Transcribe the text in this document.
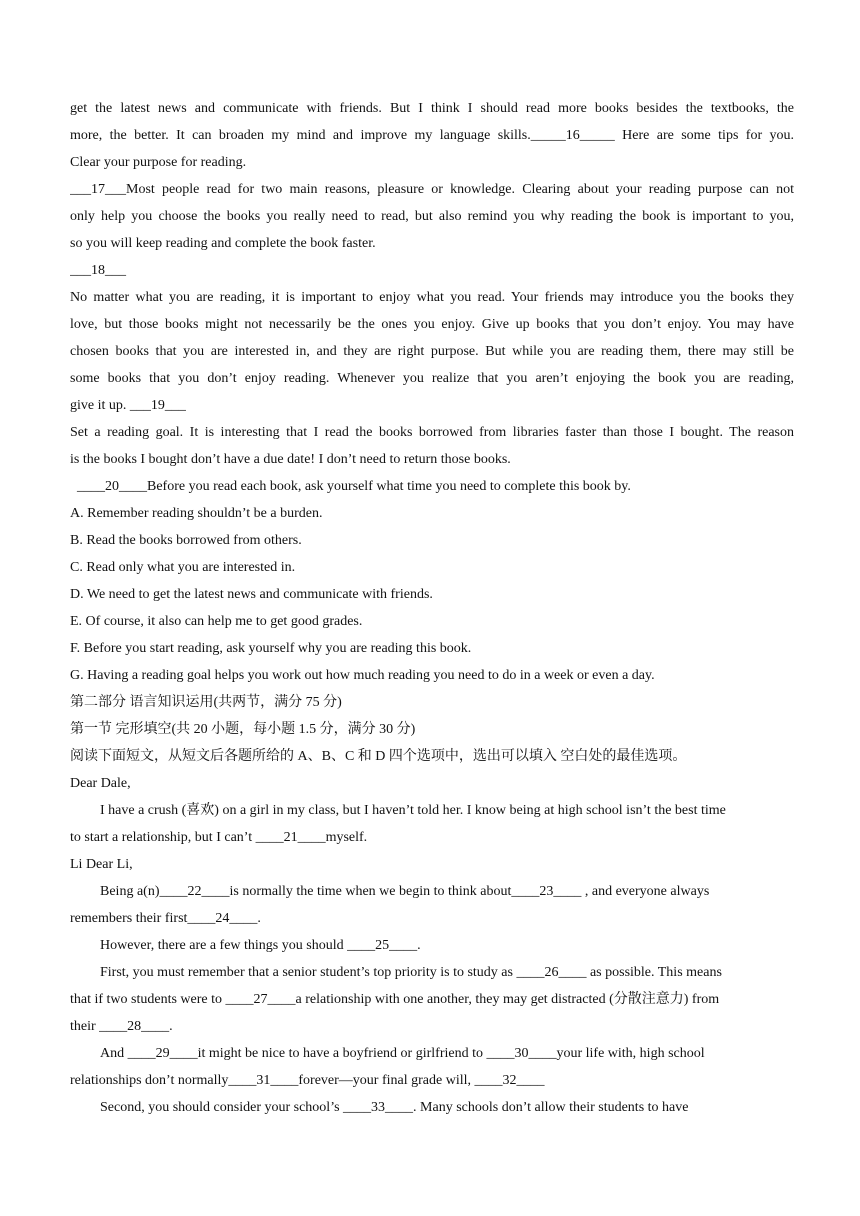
get the latest news and communicate with friends. But I think I should read more books besides the textbooks, the
more, the better. It can broaden my mind and improve my language skills._____16_____ Here are some tips for you.
Clear your purpose for reading.
___17___Most people read for two main reasons, pleasure or knowledge. Clearing about your reading purpose can not
only help you choose the books you really need to read, but also remind you why reading the book is important to you,
so you will keep reading and complete the book faster.
___18___
No matter what you are reading, it is important to enjoy what you read. Your friends may introduce you the books they
love, but those books might not necessarily be the ones you enjoy. Give up books that you don’t enjoy. You may have
chosen books that you are interested in, and they are right purpose. But while you are reading them, there may still be
some books that you don’t enjoy reading. Whenever you realize that you aren’t enjoying the book you are reading,
give it up. ___19___
Set a reading goal. It is interesting that I read the books borrowed from libraries faster than those I bought. The reason
is the books I bought don’t have a due date! I don’t need to return those books.
____20____Before you read each book, ask yourself what time you need to complete this book by.
A. Remember reading shouldn’t be a burden.
B. Read the books borrowed from others.
C. Read only what you are interested in.
D. We need to get the latest news and communicate with friends.
E. Of course, it also can help me to get good grades.
F. Before you start reading, ask yourself why you are reading this book.
G. Having a reading goal helps you work out how much reading you need to do in a week or even a day.
第二部分 语言知识运用(共两节，满分 75 分)
第一节 完形填空(共 20 小题，每小题 1.5 分，满分 30 分)
阅读下面短文，从短文后各题所给的 A、B、C 和 D 四个选项中，选出可以填入 空白处的最佳选项。
Dear Dale,
I have a crush (喜欢) on a girl in my class, but I haven’t told her. I know being at high school isn’t the best time
to start a relationship, but I can’t ____21____myself.
Li Dear Li,
Being a(n)____22____is normally the time when we begin to think about____23____ , and everyone always
remembers their first____24____.
However, there are a few things you should ____25____.
First, you must remember that a senior student’s top priority is to study as ____26____ as possible. This means
that if two students were to ____27____a relationship with one another, they may get distracted (分散注意力) from
their ____28____.
And ____29____it might be nice to have a boyfriend or girlfriend to ____30____your life with, high school
relationships don’t normally____31____forever—your final grade will, ____32____
Second, you should consider your school’s ____33____. Many schools don’t allow their students to have
